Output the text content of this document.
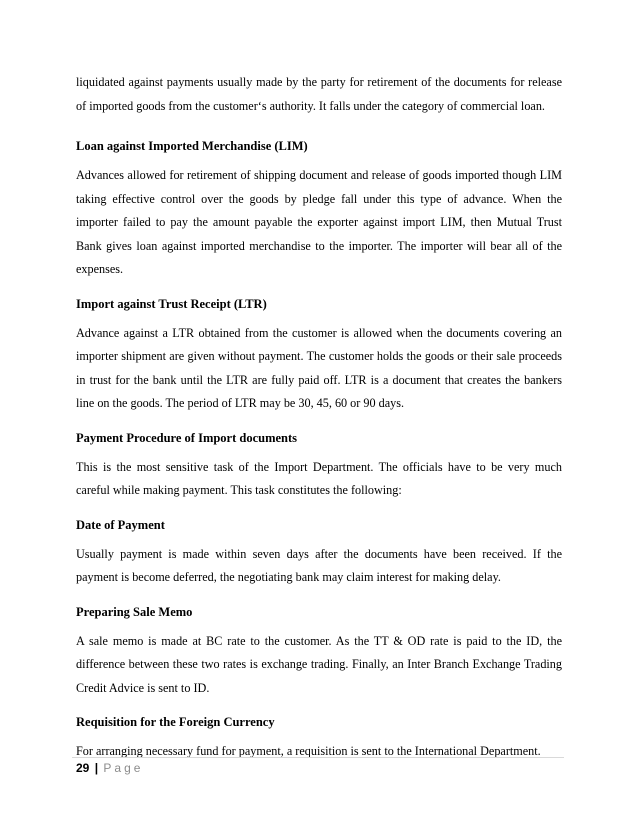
liquidated against payments usually made by the party for retirement of the documents for release of imported goods from the customer‘s authority. It falls under the category of commercial loan.

Loan against Imported Merchandise (LIM)

Advances allowed for retirement of shipping document and release of goods imported though LIM taking effective control over the goods by pledge fall under this type of advance. When the importer failed to pay the amount payable the exporter against import LIM, then Mutual Trust Bank gives loan against imported merchandise to the importer. The importer will bear all of the expenses.

Import against Trust Receipt (LTR)

Advance against a LTR obtained from the customer is allowed when the documents covering an importer shipment are given without payment. The customer holds the goods or their sale proceeds in trust for the bank until the LTR are fully paid off. LTR is a document that creates the bankers line on the goods. The period of LTR may be 30, 45, 60 or 90 days.

Payment Procedure of Import documents

This is the most sensitive task of the Import Department. The officials have to be very much careful while making payment. This task constitutes the following:

Date of Payment

Usually payment is made within seven days after the documents have been received. If the payment is become deferred, the negotiating bank may claim interest for making delay.

Preparing Sale Memo

A sale memo is made at BC rate to the customer. As the TT & OD rate is paid to the ID, the difference between these two rates is exchange trading. Finally, an Inter Branch Exchange Trading Credit Advice is sent to ID.

Requisition for the Foreign Currency

For arranging necessary fund for payment, a requisition is sent to the International Department.

29 | Page
